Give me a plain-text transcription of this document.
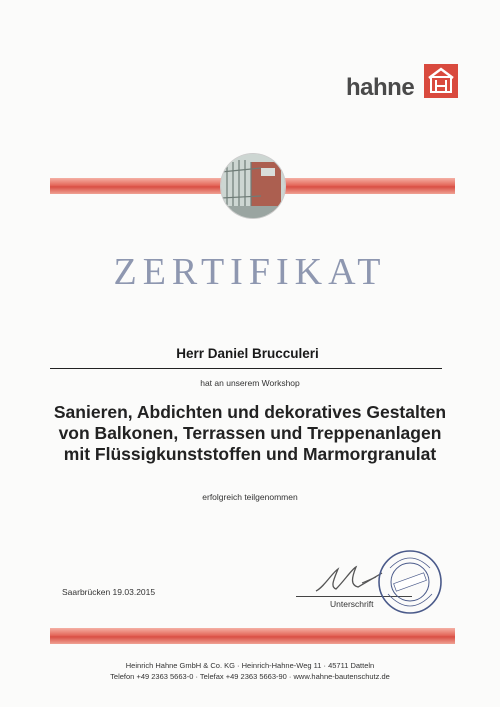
hahne
ZERTIFIKAT
Herr Daniel Brucculeri
hat an unserem Workshop
Sanieren, Abdichten und dekoratives Gestalten
von Balkonen, Terrassen und Treppenanlagen
mit Flüssigkunststoffen und Marmorgranulat
erfolgreich teilgenommen
Saarbrücken 19.03.2015
Unterschrift
Heinrich Hahne GmbH & Co. KG · Heinrich-Hahne-Weg 11 · 45711 Datteln
Telefon +49 2363 5663-0 · Telefax +49 2363 5663-90 · www.hahne-bautenschutz.de
